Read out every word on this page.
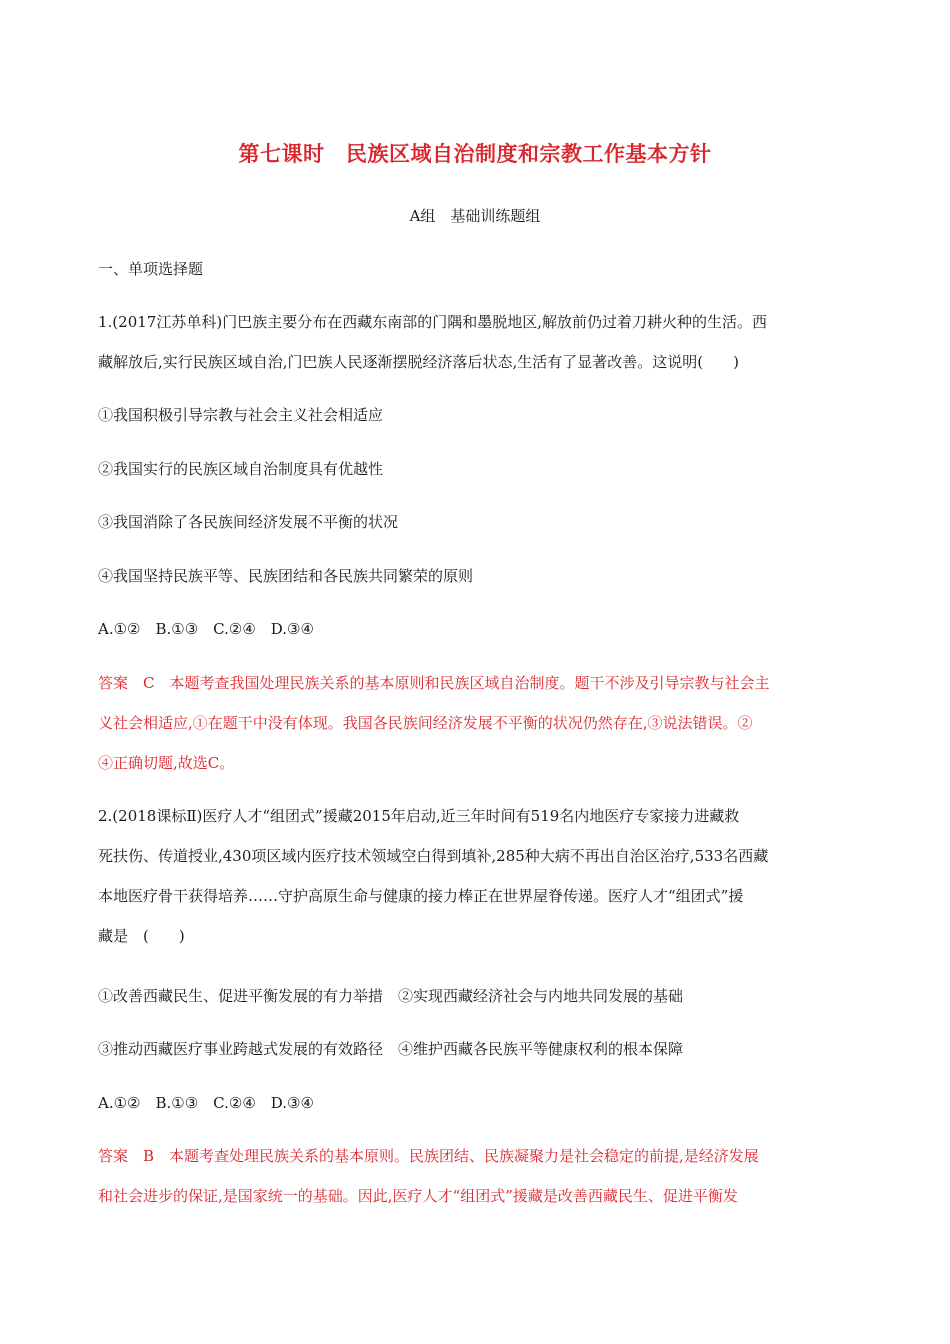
第七课时　民族区域自治制度和宗教工作基本方针
A组　基础训练题组
一、单项选择题
1.(2017江苏单科)门巴族主要分布在西藏东南部的门隅和墨脱地区,解放前仍过着刀耕火种的生活。西
藏解放后,实行民族区域自治,门巴族人民逐渐摆脱经济落后状态,生活有了显著改善。这说明(　　)
①我国积极引导宗教与社会主义社会相适应
②我国实行的民族区域自治制度具有优越性
③我国消除了各民族间经济发展不平衡的状况
④我国坚持民族平等、民族团结和各民族共同繁荣的原则
A.①②　B.①③　C.②④　D.③④
答案　C　本题考查我国处理民族关系的基本原则和民族区域自治制度。题干不涉及引导宗教与社会主
义社会相适应,①在题干中没有体现。我国各民族间经济发展不平衡的状况仍然存在,③说法错误。②
④正确切题,故选C。
2.(2018课标Ⅱ)医疗人才“组团式”援藏2015年启动,近三年时间有519名内地医疗专家接力进藏救
死扶伤、传道授业,430项区域内医疗技术领域空白得到填补,285种大病不再出自治区治疗,533名西藏
本地医疗骨干获得培养……守护高原生命与健康的接力棒正在世界屋脊传递。医疗人才“组团式”援
藏是　(　　)
①改善西藏民生、促进平衡发展的有力举措　②实现西藏经济社会与内地共同发展的基础
③推动西藏医疗事业跨越式发展的有效路径　④维护西藏各民族平等健康权利的根本保障
A.①②　B.①③　C.②④　D.③④
答案　B　本题考查处理民族关系的基本原则。民族团结、民族凝聚力是社会稳定的前提,是经济发展
和社会进步的保证,是国家统一的基础。因此,医疗人才“组团式”援藏是改善西藏民生、促进平衡发
